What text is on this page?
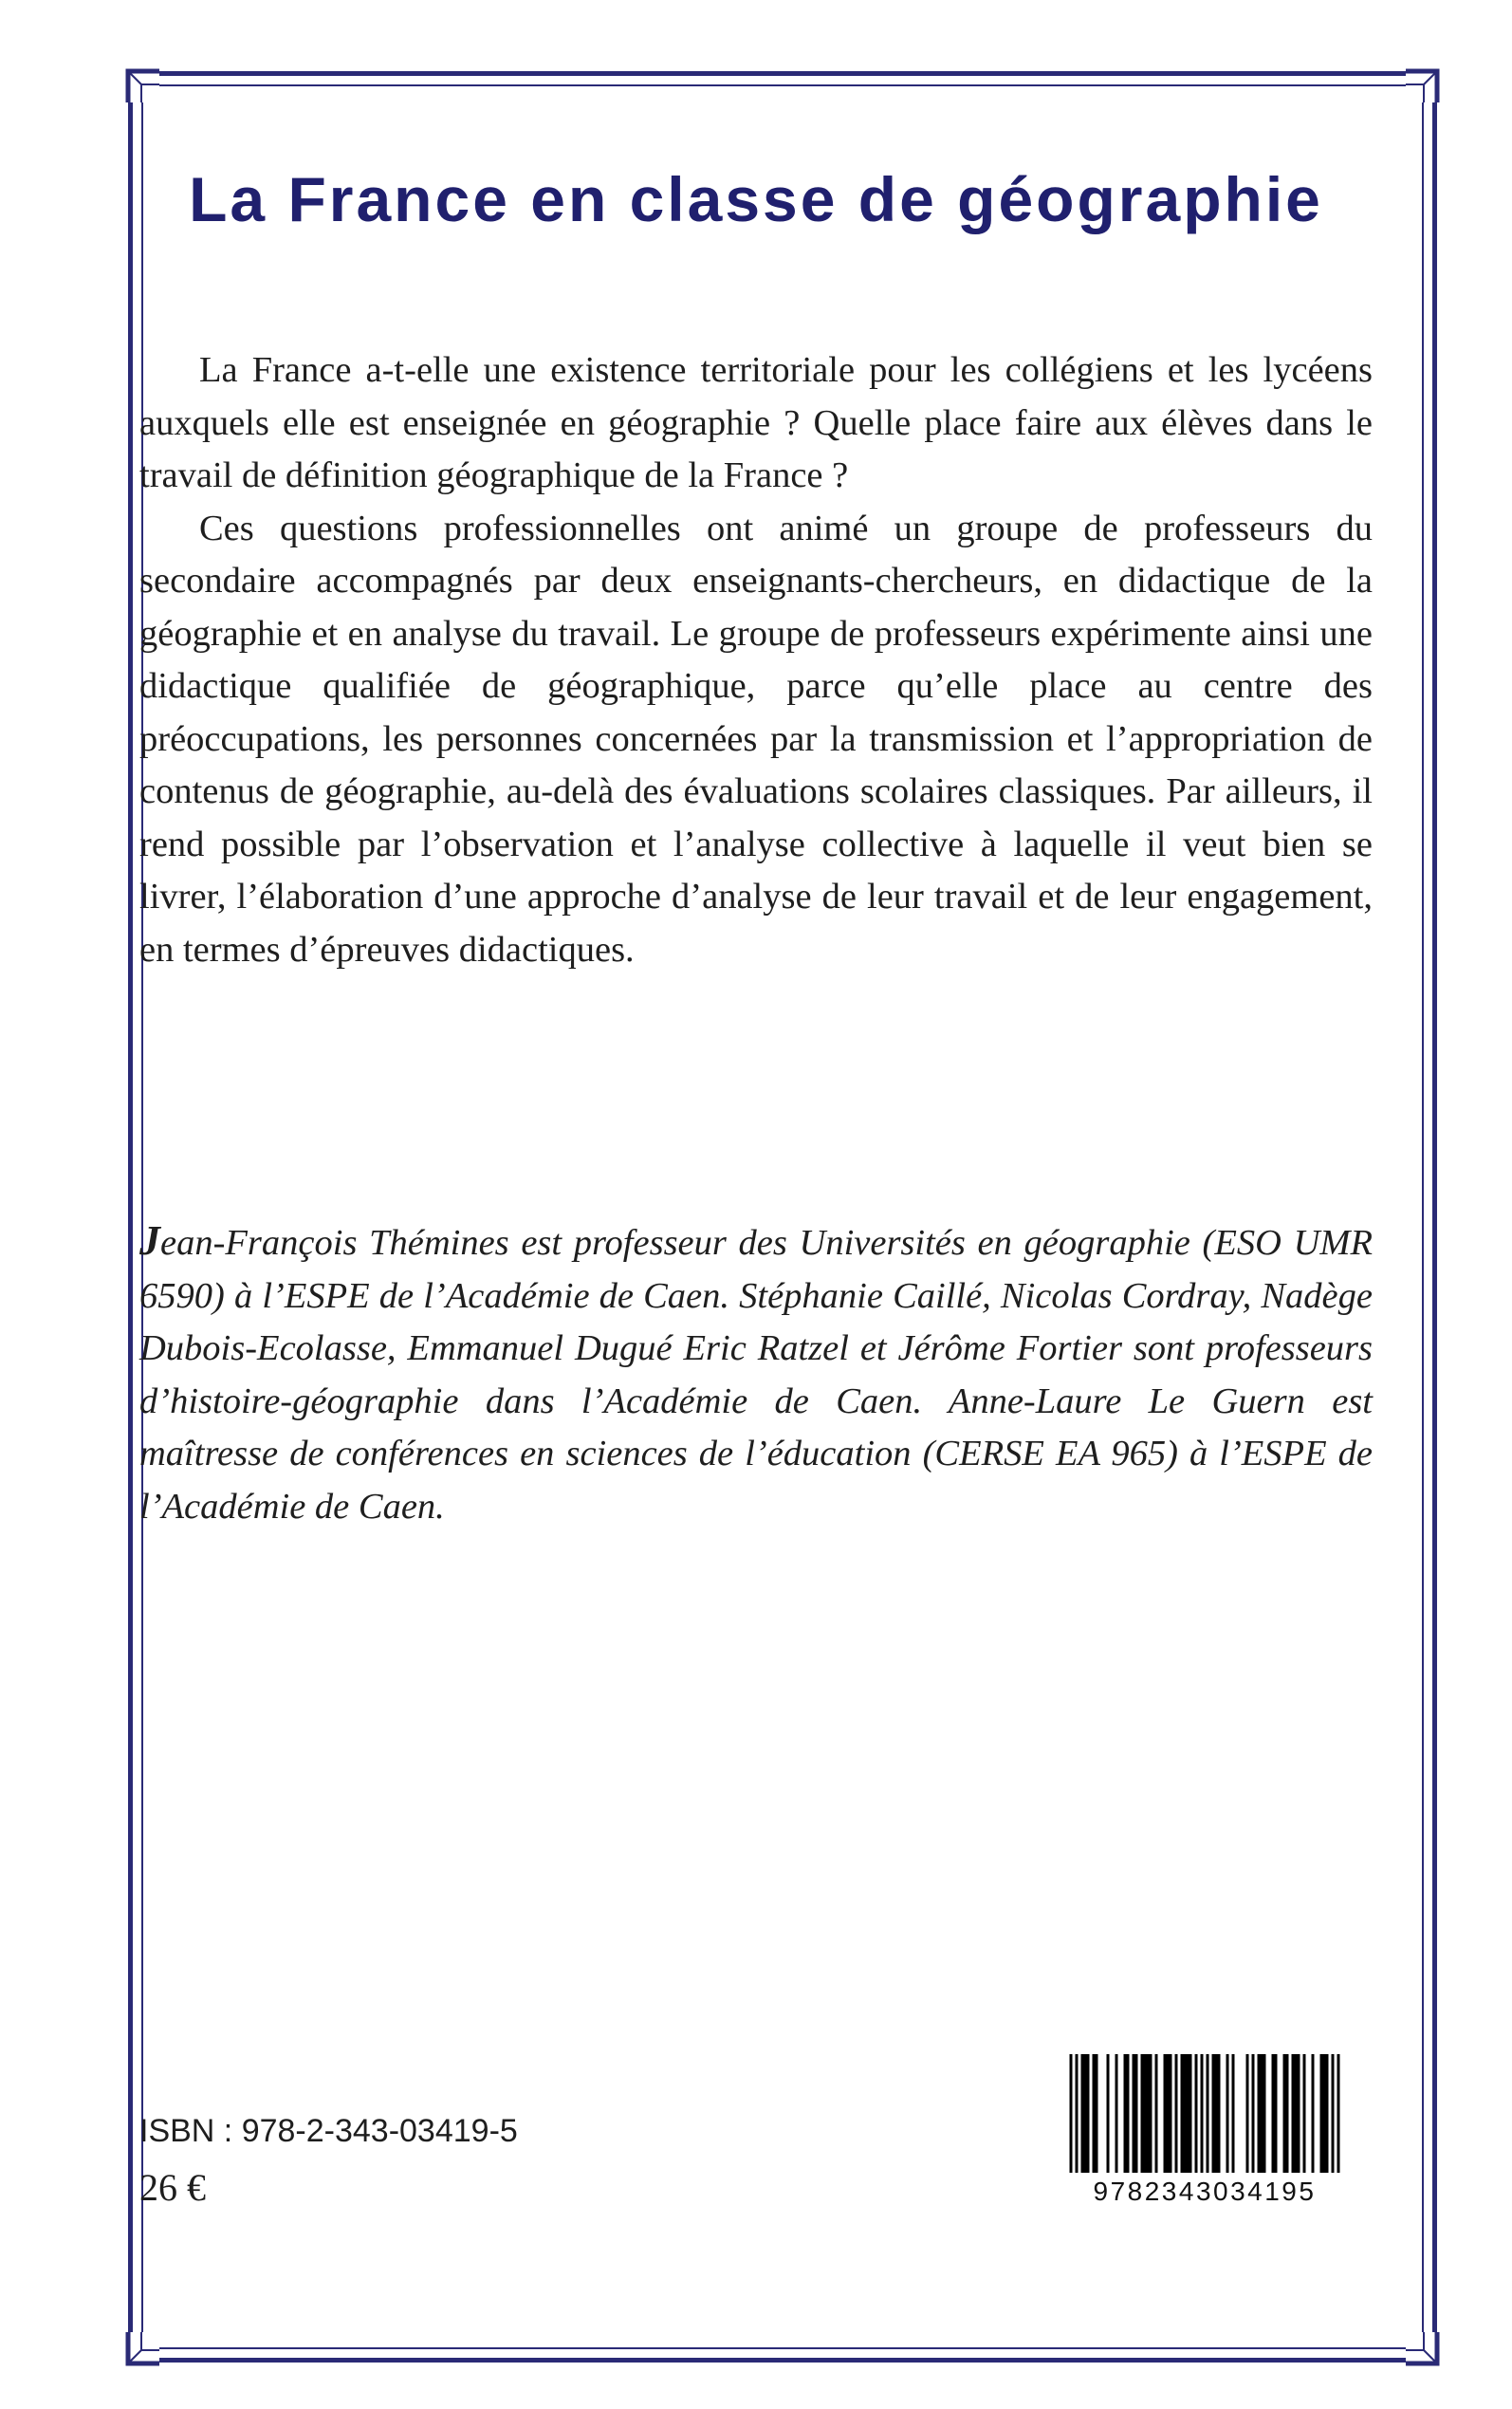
La France en classe de géographie

La France a-t-elle une existence territoriale pour les collégiens et les lycéens auxquels elle est enseignée en géographie ? Quelle place faire aux élèves dans le travail de définition géographique de la France ?

Ces questions professionnelles ont animé un groupe de professeurs du secondaire accompagnés par deux enseignants-chercheurs, en didactique de la géographie et en analyse du travail. Le groupe de professeurs expérimente ainsi une didactique qualifiée de géographique, parce qu’elle place au centre des préoccupations, les personnes concernées par la transmission et l’appropriation de contenus de géographie, au-delà des évaluations scolaires classiques. Par ailleurs, il rend possible par l’observation et l’analyse collective à laquelle il veut bien se livrer, l’élaboration d’une approche d’analyse de leur travail et de leur engagement, en termes d’épreuves didactiques.

Jean-François Thémines est professeur des Universités en géographie (ESO UMR 6590) à l’ESPE de l’Académie de Caen. Stéphanie Caillé, Nicolas Cordray, Nadège Dubois-Ecolasse, Emmanuel Dugué Eric Ratzel et Jérôme Fortier sont professeurs d’histoire-géographie dans l’Académie de Caen. Anne-Laure Le Guern est maîtresse de conférences en sciences de l’éducation (CERSE EA 965) à l’ESPE de l’Académie de Caen.

ISBN : 978-2-343-03419-5
26 €	9782343034195
